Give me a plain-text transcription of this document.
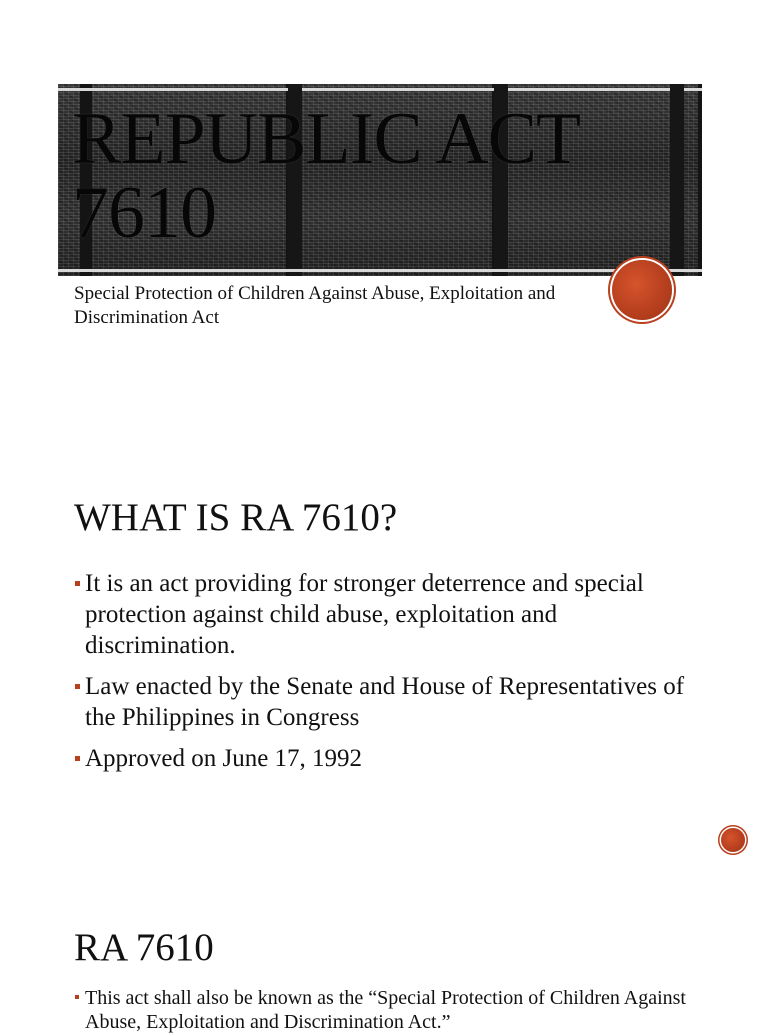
REPUBLIC ACT 7610

Special Protection of Children Against Abuse, Exploitation and Discrimination Act

WHAT IS RA 7610?
It is an act providing for stronger deterrence and special protection against child abuse, exploitation and discrimination.
Law enacted by the Senate and House of Representatives of the Philippines in Congress
Approved on June 17, 1992
RA 7610
This act shall also be known as the “Special Protection of Children Against Abuse, Exploitation and Discrimination Act.”
